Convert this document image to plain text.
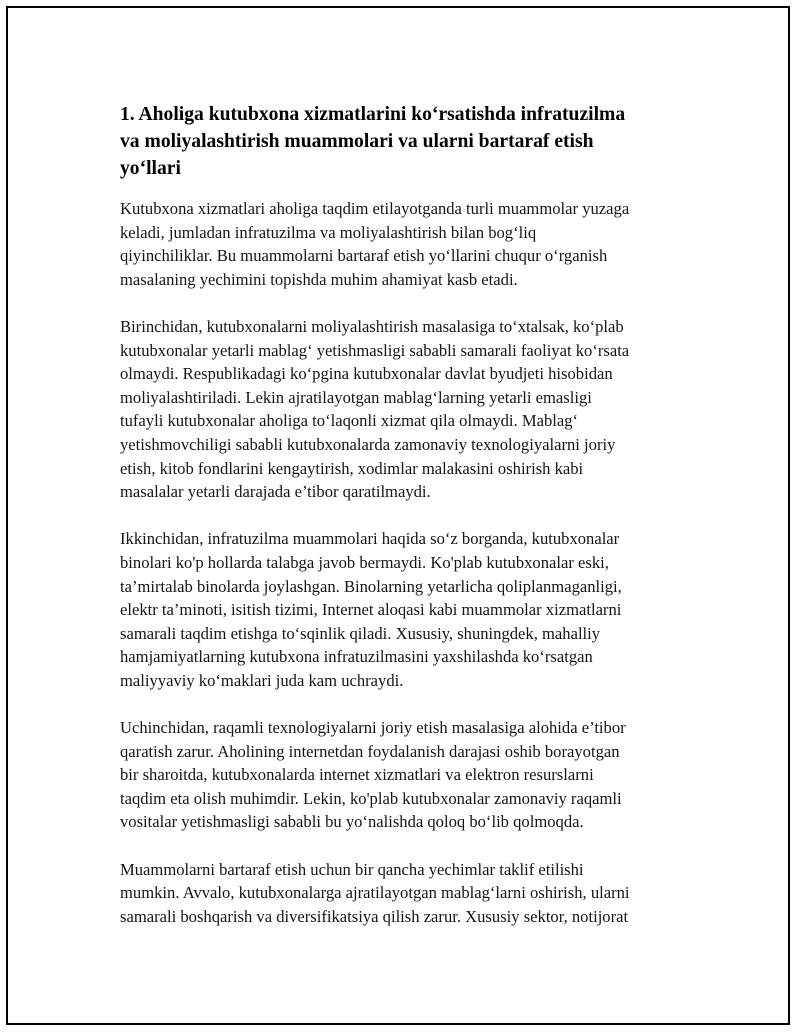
1. Aholiga kutubxona xizmatlarini ko‘rsatishda infratuzilma
va moliyalashtirish muammolari va ularni bartaraf etish
yo‘llari

Kutubxona xizmatlari aholiga taqdim etilayotganda turli muammolar yuzaga
keladi, jumladan infratuzilma va moliyalashtirish bilan bog‘liq
qiyinchiliklar. Bu muammolarni bartaraf etish yo‘llarini chuqur o‘rganish
masalaning yechimini topishda muhim ahamiyat kasb etadi.

Birinchidan, kutubxonalarni moliyalashtirish masalasiga to‘xtalsak, ko‘plab
kutubxonalar yetarli mablag‘ yetishmasligi sababli samarali faoliyat ko‘rsata
olmaydi. Respublikadagi ko‘pgina kutubxonalar davlat byudjeti hisobidan
moliyalashtiriladi. Lekin ajratilayotgan mablag‘larning yetarli emasligi
tufayli kutubxonalar aholiga to‘laqonli xizmat qila olmaydi. Mablag‘
yetishmovchiligi sababli kutubxonalarda zamonaviy texnologiyalarni joriy
etish, kitob fondlarini kengaytirish, xodimlar malakasini oshirish kabi
masalalar yetarli darajada e’tibor qaratilmaydi.

Ikkinchidan, infratuzilma muammolari haqida so‘z borganda, kutubxonalar
binolari ko'p hollarda talabga javob bermaydi. Ko'plab kutubxonalar eski,
ta’mirtalab binolarda joylashgan. Binolarning yetarlicha qoliplanmaganligi,
elektr ta’minoti, isitish tizimi, Internet aloqasi kabi muammolar xizmatlarni
samarali taqdim etishga to‘sqinlik qiladi. Xususiy, shuningdek, mahalliy
hamjamiyatlarning kutubxona infratuzilmasini yaxshilashda ko‘rsatgan
maliyyaviy ko‘maklari juda kam uchraydi.

Uchinchidan, raqamli texnologiyalarni joriy etish masalasiga alohida e’tibor
qaratish zarur. Aholining internetdan foydalanish darajasi oshib borayotgan
bir sharoitda, kutubxonalarda internet xizmatlari va elektron resurslarni
taqdim eta olish muhimdir. Lekin, ko'plab kutubxonalar zamonaviy raqamli
vositalar yetishmasligi sababli bu yo‘nalishda qoloq bo‘lib qolmoqda.

Muammolarni bartaraf etish uchun bir qancha yechimlar taklif etilishi
mumkin. Avvalo, kutubxonalarga ajratilayotgan mablag‘larni oshirish, ularni
samarali boshqarish va diversifikatsiya qilish zarur. Xususiy sektor, notijorat
